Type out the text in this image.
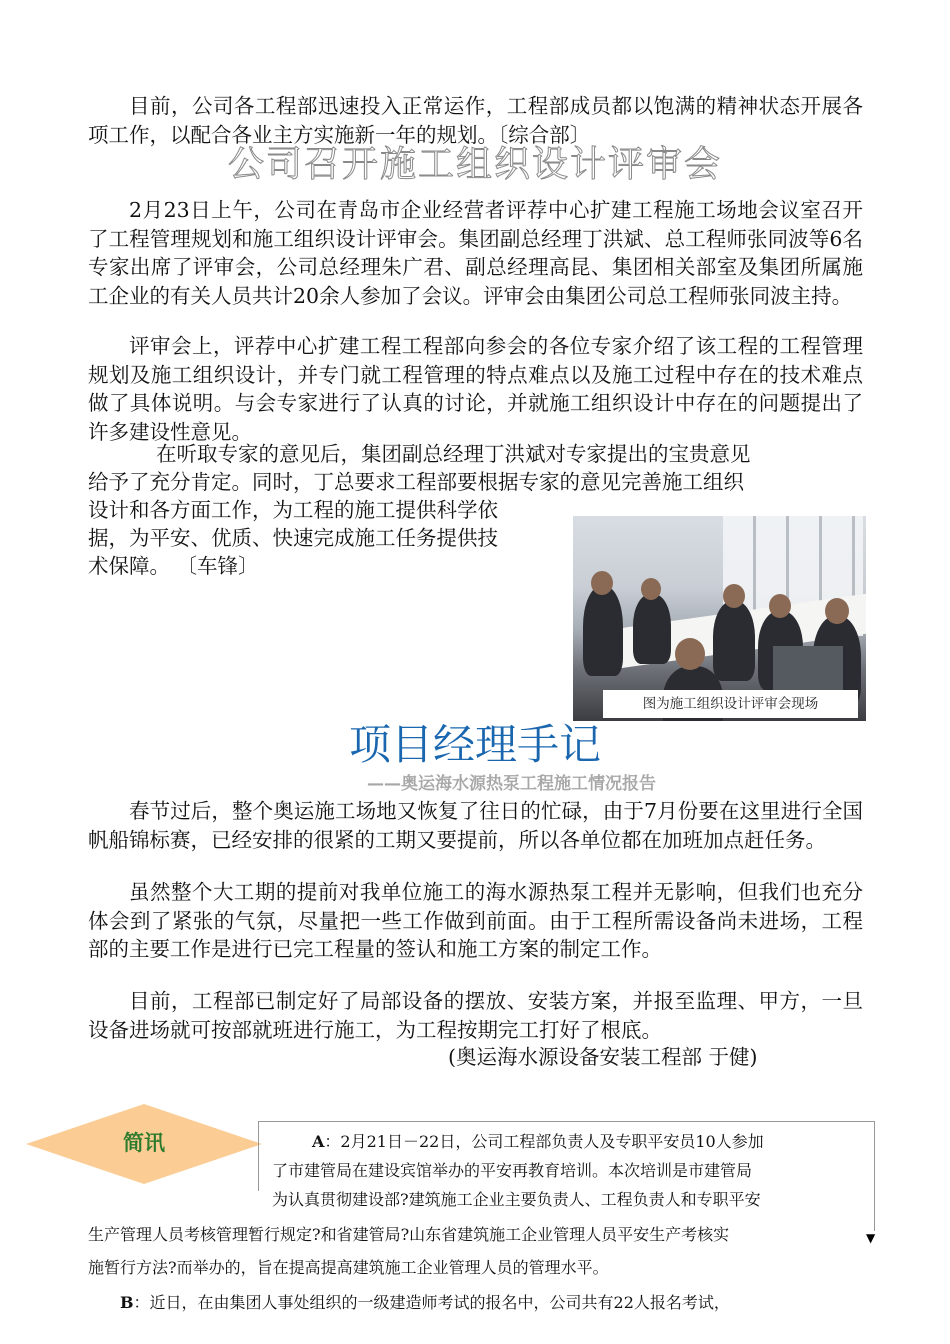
目前，公司各工程部迅速投入正常运作，工程部成员都以饱满的精神状态开展各项工作，以配合各业主方实施新一年的规划。〔综合部〕

公司召开施工组织设计评审会

2月23日上午，公司在青岛市企业经营者评荐中心扩建工程施工场地会议室召开了工程管理规划和施工组织设计评审会。集团副总经理丁洪斌、总工程师张同波等6名专家出席了评审会，公司总经理朱广君、副总经理高昆、集团相关部室及集团所属施工企业的有关人员共计20余人参加了会议。评审会由集团公司总工程师张同波主持。

评审会上，评荐中心扩建工程工程部向参会的各位专家介绍了该工程的工程管理规划及施工组织设计，并专门就工程管理的特点难点以及施工过程中存在的技术难点做了具体说明。与会专家进行了认真的讨论，并就施工组织设计中存在的问题提出了许多建设性意见。

在听取专家的意见后，集团副总经理丁洪斌对专家提出的宝贵意见
给予了充分肯定。同时，丁总要求工程部要根据专家的意见完善施工组织
设计和各方面工作，为工程的施工提供科学依
据，为平安、优质、快速完成施工任务提供技
术保障。 〔车锋〕
图为施工组织设计评审会现场
项目经理手记
——奥运海水源热泵工程施工情况报告

春节过后，整个奥运施工场地又恢复了往日的忙碌，由于7月份要在这里进行全国帆船锦标赛，已经安排的很紧的工期又要提前，所以各单位都在加班加点赶任务。

虽然整个大工期的提前对我单位施工的海水源热泵工程并无影响，但我们也充分体会到了紧张的气氛，尽量把一些工作做到前面。由于工程所需设备尚未进场，工程部的主要工作是进行已完工程量的签认和施工方案的制定工作。

目前，工程部已制定好了局部设备的摆放、安装方案，并报至监理、甲方，一旦设备进场就可按部就班进行施工，为工程按期完工打好了根底。

(奥运海水源设备安装工程部 于健)
简讯
▼
A：2月21日－22日，公司工程部负责人及专职平安员10人参加
了市建管局在建设宾馆举办的平安再教育培训。本次培训是市建管局
为认真贯彻建设部?建筑施工企业主要负责人、工程负责人和专职平安
生产管理人员考核管理暂行规定?和省建管局?山东省建筑施工企业管理人员平安生产考核实
施暂行方法?而举办的，旨在提高提高建筑施工企业管理人员的管理水平。
B：近日，在由集团人事处组织的一级建造师考试的报名中，公司共有22人报名考试，
